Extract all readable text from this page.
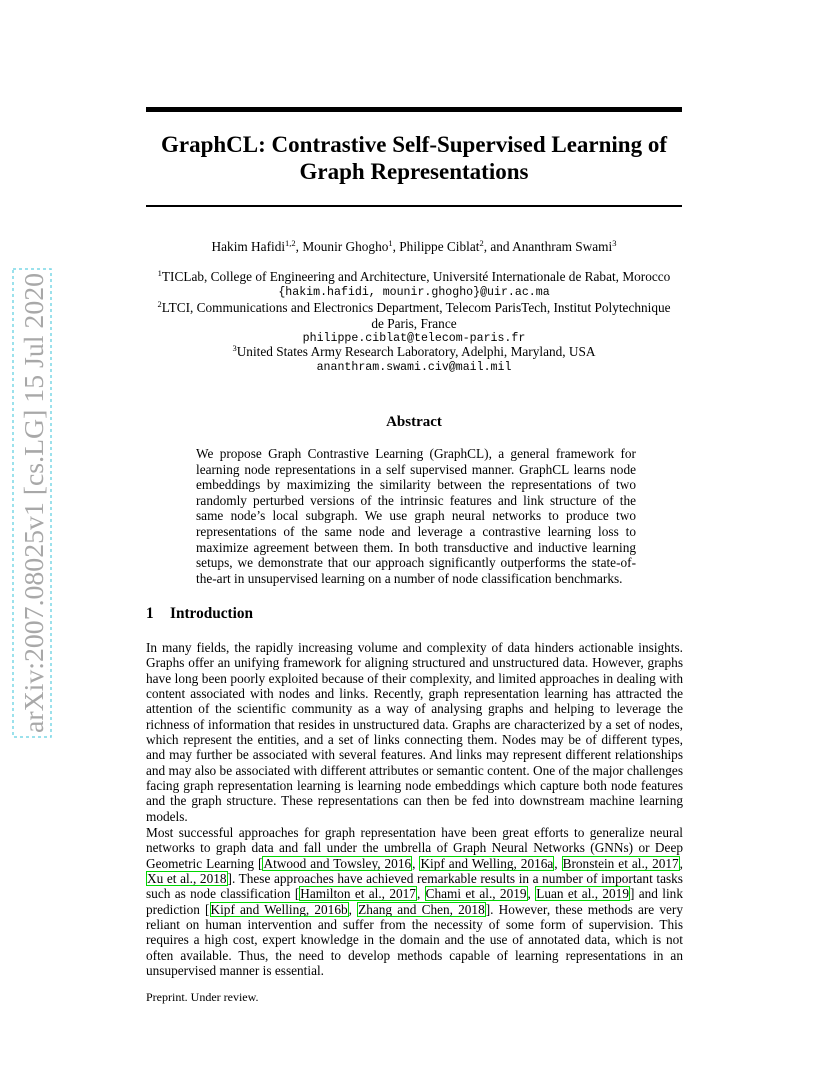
arXiv:2007.08025v1 [cs.LG] 15 Jul 2020
GraphCL: Contrastive Self-Supervised Learning of
Graph Representations
Hakim Hafidi$^{1,2}$, Mounir Ghogho$^1$, Philippe Ciblat$^2$, and Ananthram Swami$^3$
$^1$TICLab, College of Engineering and Architecture, Université Internationale de Rabat, Morocco
{hakim.hafidi, mounir.ghogho}@uir.ac.ma
$^2$LTCI, Communications and Electronics Department, Telecom ParisTech, Institut Polytechnique
de Paris, France
philippe.ciblat@telecom-paris.fr
$^3$United States Army Research Laboratory, Adelphi, Maryland, USA
ananthram.swami.civ@mail.mil
Abstract
We propose Graph Contrastive Learning (GraphCL), a general framework for learning node representations in a self supervised manner. GraphCL learns node embeddings by maximizing the similarity between the representations of two randomly perturbed versions of the intrinsic features and link structure of the same node’s local subgraph. We use graph neural networks to produce two representations of the same node and leverage a contrastive learning loss to maximize agreement between them. In both transductive and inductive learning setups, we demonstrate that our approach significantly outperforms the state-of-the-art in unsupervised learning on a number of node classification benchmarks.
1 Introduction
In many fields, the rapidly increasing volume and complexity of data hinders actionable insights. Graphs offer an unifying framework for aligning structured and unstructured data. However, graphs have long been poorly exploited because of their complexity, and limited approaches in dealing with content associated with nodes and links. Recently, graph representation learning has attracted the attention of the scientific community as a way of analysing graphs and helping to leverage the richness of information that resides in unstructured data. Graphs are characterized by a set of nodes, which represent the entities, and a set of links connecting them. Nodes may be of different types, and may further be associated with several features. And links may represent different relationships and may also be associated with different attributes or semantic content. One of the major challenges facing graph representation learning is learning node embeddings which capture both node features and the graph structure. These representations can then be fed into downstream machine learning models.
Most successful approaches for graph representation have been great efforts to generalize neural networks to graph data and fall under the umbrella of Graph Neural Networks (GNNs) or Deep Geometric Learning [Atwood and Towsley, 2016, Kipf and Welling, 2016a, Bronstein et al., 2017, Xu et al., 2018]. These approaches have achieved remarkable results in a number of important tasks such as node classification [Hamilton et al., 2017, Chami et al., 2019, Luan et al., 2019] and link prediction [Kipf and Welling, 2016b, Zhang and Chen, 2018]. However, these methods are very reliant on human intervention and suffer from the necessity of some form of supervision. This requires a high cost, expert knowledge in the domain and the use of annotated data, which is not often available. Thus, the need to develop methods capable of learning representations in an unsupervised manner is essential.
Preprint. Under review.
